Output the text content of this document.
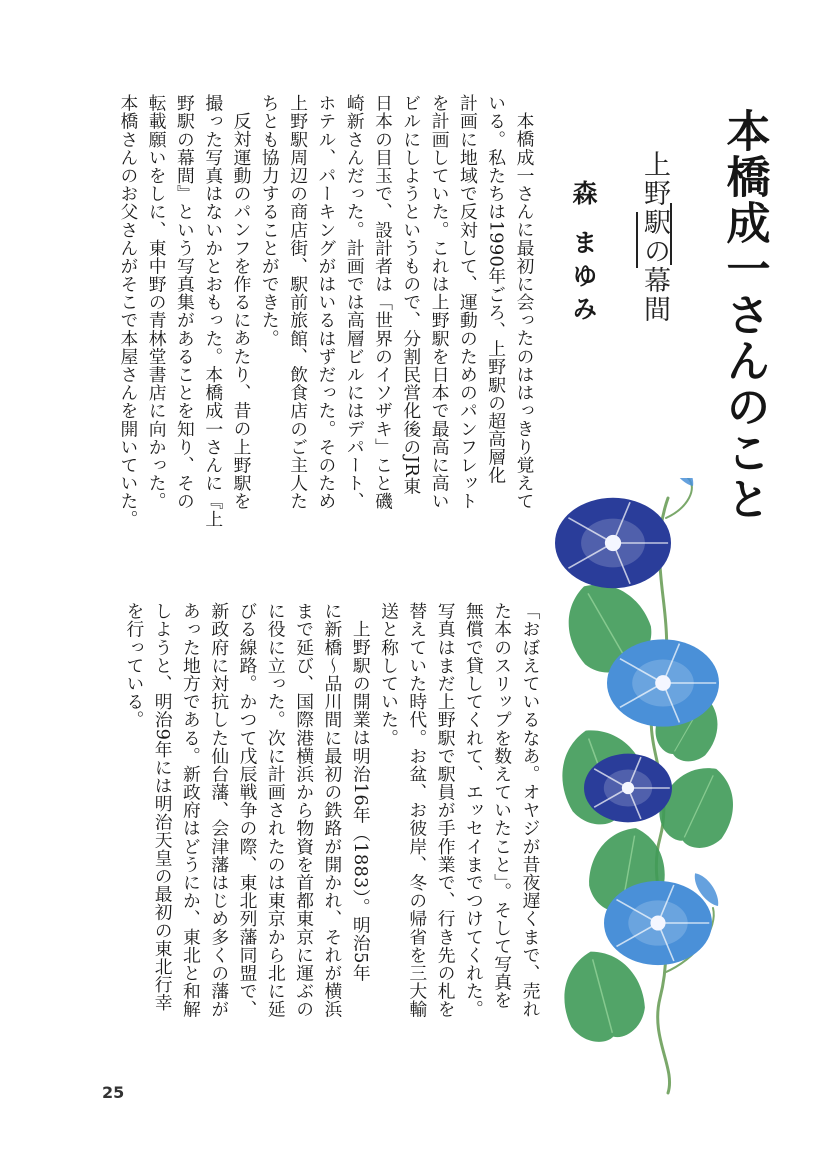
本橋成一さんのこと
上野駅の幕間
森 まゆみ

本橋成一さんに最初に会ったのははっきり覚えて
いる。私たちは1990年ごろ、上野駅の超高層化
計画に地域で反対して、運動のためのパンフレット
を計画していた。これは上野駅を日本で最高に高い
ビルにしようというもので、分割民営化後のJR東
日本の目玉で、設計者は「世界のイソザキ」こと磯
崎新さんだった。計画では高層ビルにはデパート、
ホテル、パーキングがはいるはずだった。そのため
上野駅周辺の商店街、駅前旅館、飲食店のご主人た
ちとも協力することができた。

反対運動のパンフを作るにあたり、昔の上野駅を
撮った写真はないかとおもった。本橋成一さんに『上
野駅の幕間』という写真集があることを知り、その
転載願いをしに、東中野の青林堂書店に向かった。
本橋さんのお父さんがそこで本屋さんを開いていた。

「おぼえているなあ。オヤジが昔夜遅くまで、売れ
た本のスリップを数えていたこと」。そして写真を
無償で貸してくれて、エッセイまでつけてくれた。
写真はまだ上野駅で駅員が手作業で、行き先の札を
替えていた時代。お盆、お彼岸、冬の帰省を三大輸
送と称していた。

上野駅の開業は明治16年（1883）。明治5年
に新橋～品川間に最初の鉄路が開かれ、それが横浜
まで延び、国際港横浜から物資を首都東京に運ぶの
に役に立った。次に計画されたのは東京から北に延
びる線路。かつて戊辰戦争の際、東北列藩同盟で、
新政府に対抗した仙台藩、会津藩はじめ多くの藩が
あった地方である。新政府はどうにか、東北と和解
しようと、明治9年には明治天皇の最初の東北行幸
を行っている。

25
